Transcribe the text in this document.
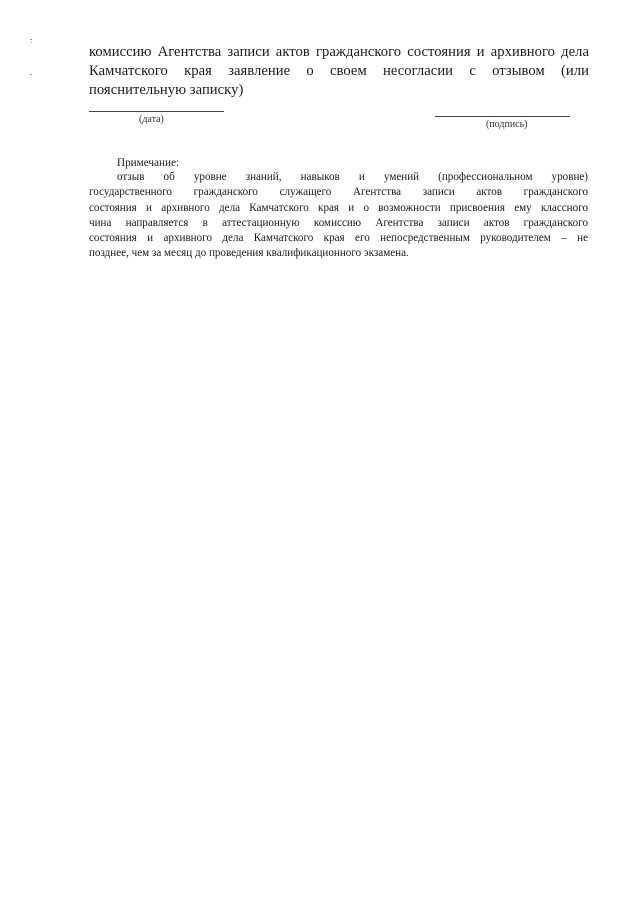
комиссию Агентства записи актов гражданского состояния и архивного дела
Камчатского края заявление о своем несогласии с отзывом (или
пояснительную записку)
(дата)	(подпись)
Примечание:
отзыв об уровне знаний, навыков и умений (профессиональном уровне)
государственного гражданского служащего Агентства записи актов гражданского
состояния и архивного дела Камчатского края и о возможности присвоения ему классного
чина направляется в аттестационную комиссию Агентства записи актов гражданского
состояния и архивного дела Камчатского края его непосредственным руководителем – не
позднее, чем за месяц до проведения квалификационного экзамена.
